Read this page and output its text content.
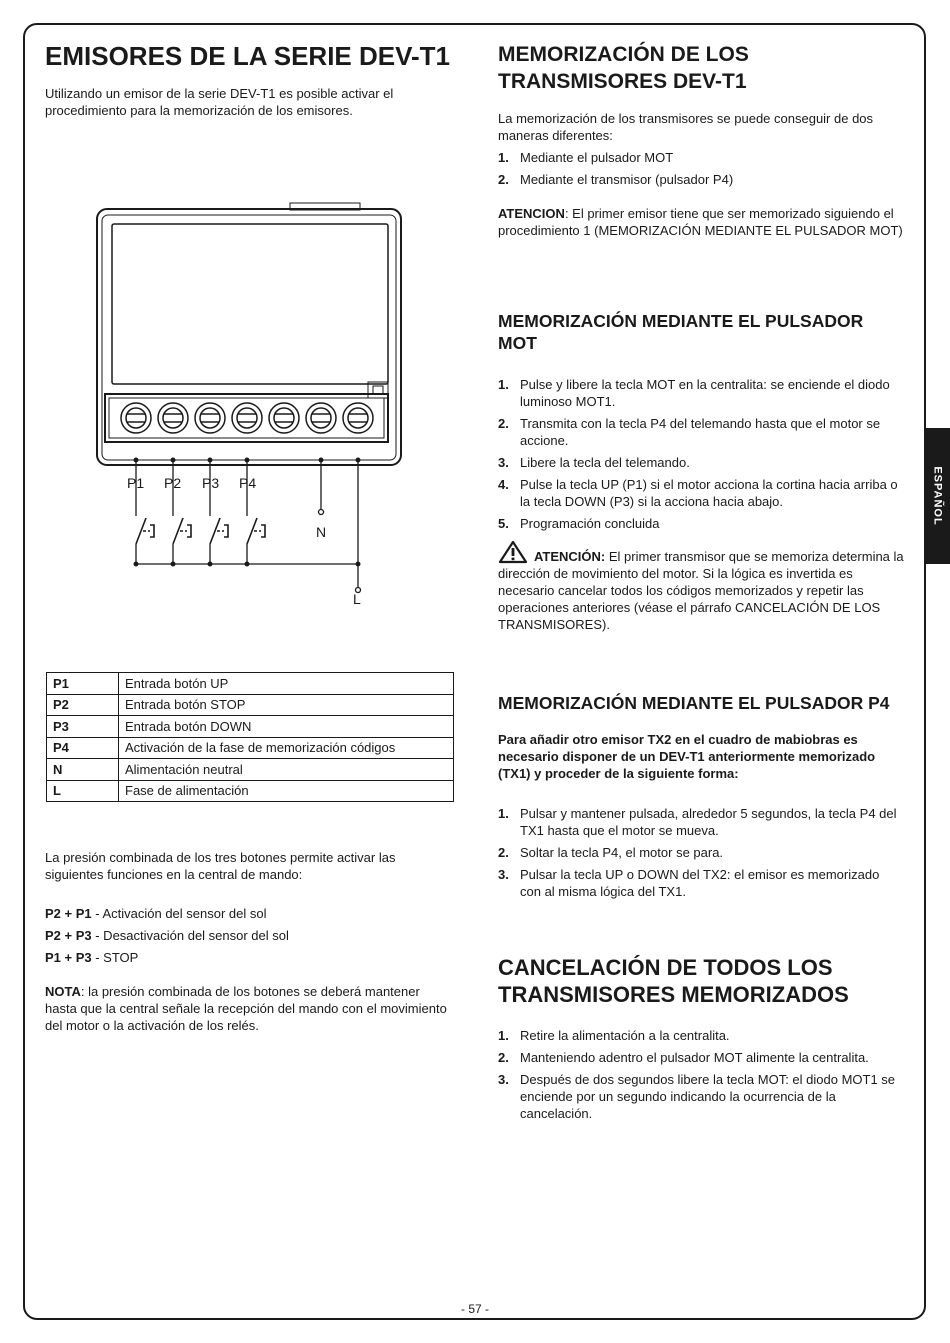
ESPAÑOL
EMISORES DE LA SERIE DEV-T1

Utilizando un emisor de la serie DEV-T1 es posible activar el procedimiento para la memorización de los emisores.

P1 P2 P3 P4
N
L
P1	Entrada botón UP
P2	Entrada botón STOP
P3	Entrada botón DOWN
P4	Activación de la fase de memorización códigos
N	Alimentación neutral
L	Fase de alimentación

La presión combinada de los tres botones permite activar las siguientes funciones en la central de mando:

P2 + P1 - Activación del sensor del sol

P2 + P3 - Desactivación del sensor del sol

P1 + P3 - STOP

NOTA: la presión combinada de los botones se deberá mantener hasta que la central señale la recepción del mando con el movimiento del motor o la activación de los relés.

MEMORIZACIÓN DE LOS TRANSMISORES DEV-T1

La memorización de los transmisores se puede conseguir de dos maneras diferentes:

1. Mediante el pulsador MOT
2. Mediante el transmisor (pulsador P4)

ATENCION: El primer emisor tiene que ser memorizado siguiendo el procedimiento 1 (MEMORIZACIÓN MEDIANTE EL PULSADOR MOT)

MEMORIZACIÓN MEDIANTE EL PULSADOR MOT
1. Pulse y libere la tecla MOT en la centralita: se enciende el diodo luminoso MOT1.
2. Transmita con la tecla P4 del telemando hasta que el motor se accione.
3. Libere la tecla del telemando.
4. Pulse la tecla UP (P1) si el motor acciona la cortina hacia arriba o la tecla DOWN (P3) si la acciona hacia abajo.
5. Programación concluida

ATENCIÓN: El primer transmisor que se memoriza determina la dirección de movimiento del motor. Si la lógica es invertida es necesario cancelar todos los códigos memorizados y repetir las operaciones anteriores (véase el párrafo CANCELACIÓN DE LOS TRANSMISORES).

MEMORIZACIÓN MEDIANTE EL PULSADOR P4

Para añadir otro emisor TX2 en el cuadro de mabiobras es necesario disponer de un DEV-T1 anteriormente memorizado (TX1) y proceder de la siguiente forma:

1. Pulsar y mantener pulsada, alrededor 5 segundos, la tecla P4 del TX1 hasta que el motor se mueva.
2. Soltar la tecla P4, el motor se para.
3. Pulsar la tecla UP o DOWN del TX2: el emisor es memorizado con al misma lógica del TX1.
CANCELACIÓN DE TODOS LOS TRANSMISORES MEMORIZADOS
1. Retire la alimentación a la centralita.
2. Manteniendo adentro el pulsador MOT alimente la centralita.
3. Después de dos segundos libere la tecla MOT: el diodo MOT1 se enciende por un segundo indicando la ocurrencia de la cancelación.
- 57 -
